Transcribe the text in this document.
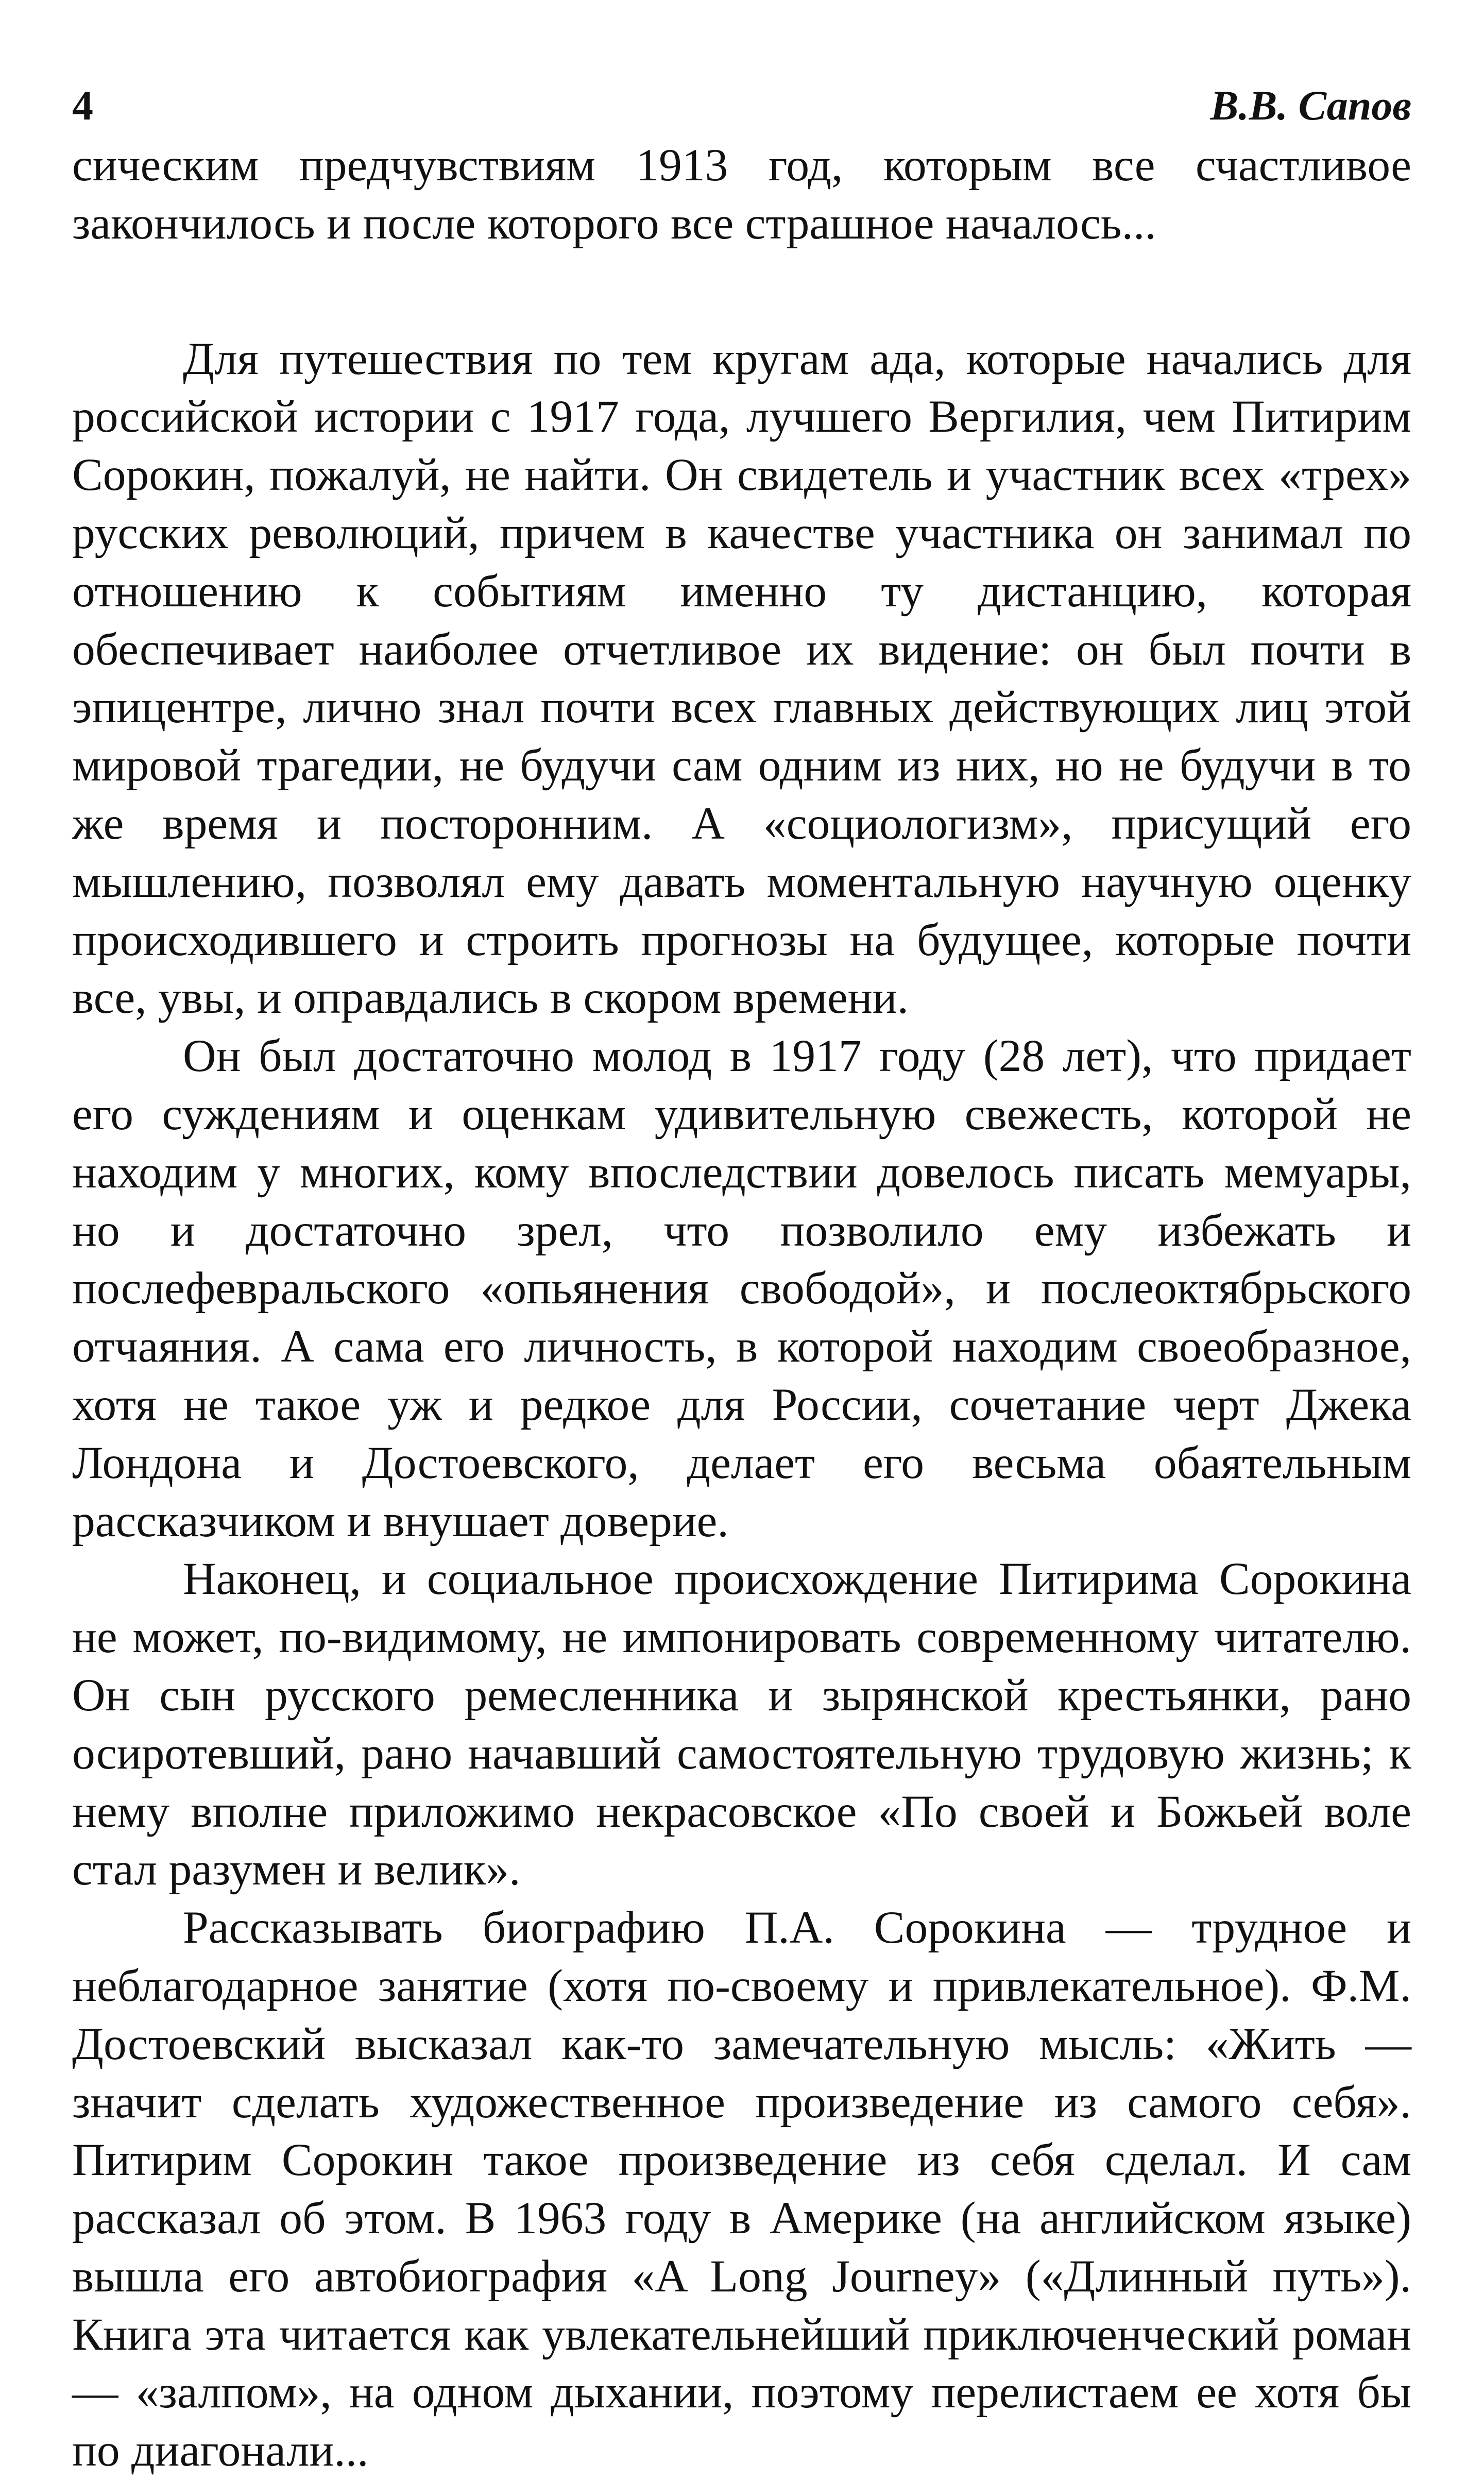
4	В.В. Сапов

сическим предчувствиям 1913 год, которым все счастливое закончилось и после которого все страшное началось...

Для путешествия по тем кругам ада, которые начались для российской истории с 1917 года, лучшего Вергилия, чем Питирим Сорокин, пожалуй, не найти. Он свидетель и участник всех «трех» русских революций, причем в качестве участника он занимал по отношению к событиям именно ту дистанцию, которая обеспечивает наиболее отчетливое их видение: он был почти в эпицентре, лично знал почти всех главных действующих лиц этой мировой трагедии, не будучи сам одним из них, но не будучи в то же время и посторонним. А «социологизм», присущий его мышлению, позволял ему давать моментальную научную оценку происходившего и строить прогнозы на будущее, которые почти все, увы, и оправдались в скором времени.

Он был достаточно молод в 1917 году (28 лет), что придает его суждениям и оценкам удивительную свежесть, которой не находим у многих, кому впоследствии довелось писать мемуары, но и достаточно зрел, что позволило ему избежать и послефевральского «опьянения свободой», и послеоктябрьского отчаяния. А сама его личность, в которой находим своеобразное, хотя не такое уж и редкое для России, сочетание черт Джека Лондона и Достоевского, делает его весьма обаятельным рассказчиком и внушает доверие.

Наконец, и социальное происхождение Питирима Сорокина не может, по-видимому, не импонировать современному читателю. Он сын русского ремесленника и зырянской крестьянки, рано осиротевший, рано начавший самостоятельную трудовую жизнь; к нему вполне приложимо некрасовское «По своей и Божьей воле стал разумен и велик».

Рассказывать биографию П.А. Сорокина — трудное и неблагодарное занятие (хотя по-своему и привлекательное). Ф.М. Достоевский высказал как-то замечательную мысль: «Жить — значит сделать художественное произведение из самого себя». Питирим Сорокин такое произведение из себя сделал. И сам рассказал об этом. В 1963 году в Америке (на английском языке) вышла его автобиография «A Long Journey» («Длинный путь»). Книга эта читается как увлекательнейший приключенческий роман — «залпом», на одном дыхании, поэтому перелистаем ее хотя бы по диагонали...
